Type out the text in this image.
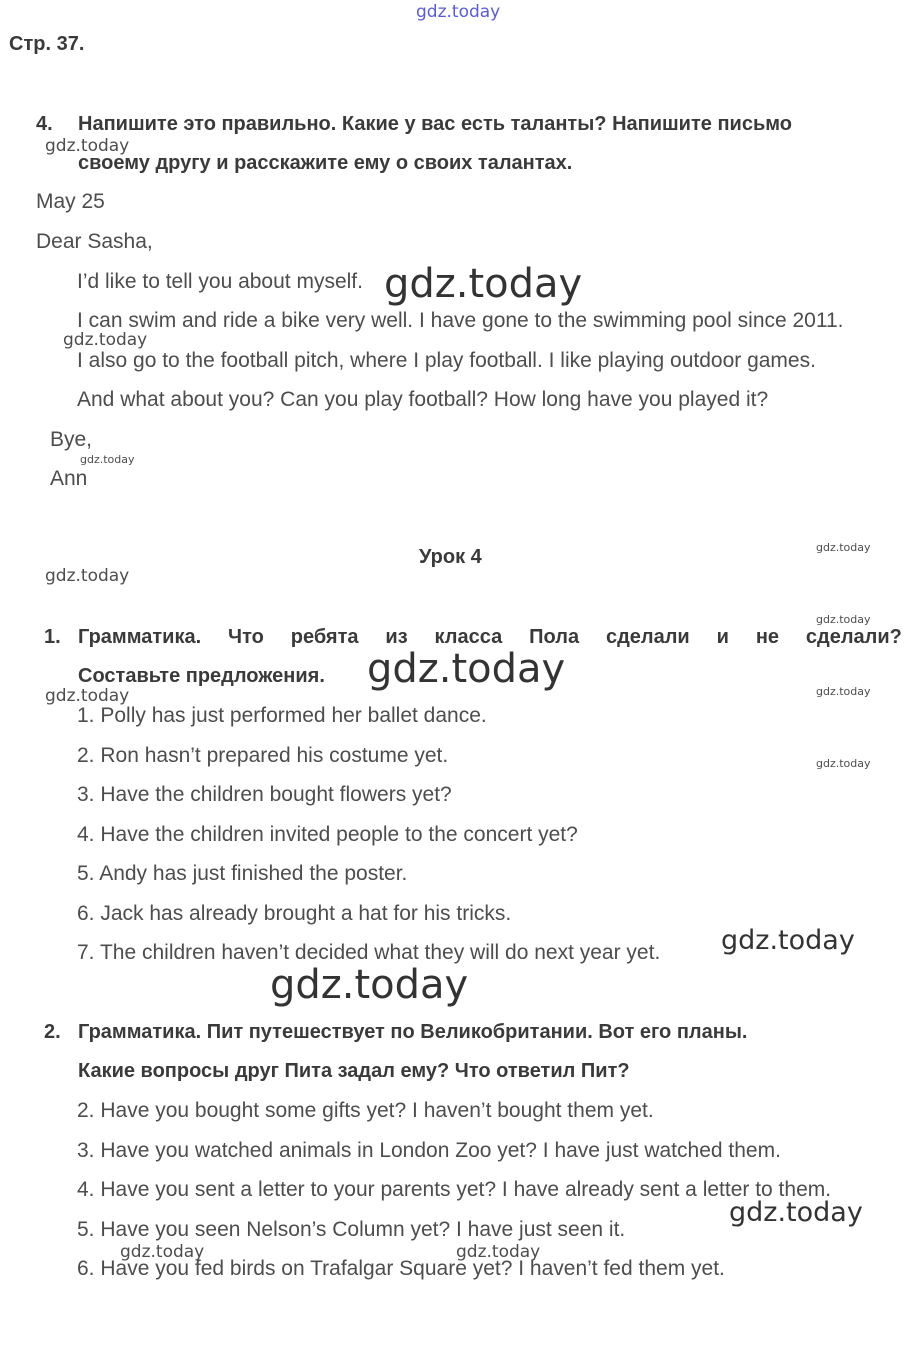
gdz.today
Стр. 37.
4. Напишите это правильно. Какие у вас есть таланты? Напишите письмо
своему другу и расскажите ему о своих талантах.
May 25
Dear Sasha,
I’d like to tell you about myself.
I can swim and ride a bike very well. I have gone to the swimming pool since 2011.
I also go to the football pitch, where I play football. I like playing outdoor games.
And what about you? Can you play football? How long have you played it?
Bye,
Ann
Урок 4
1. Грамматика. Что ребята из класса Пола сделали и не сделали?
Составьте предложения.
1. Polly has just performed her ballet dance.
2. Ron hasn’t prepared his costume yet.
3. Have the children bought flowers yet?
4. Have the children invited people to the concert yet?
5. Andy has just finished the poster.
6. Jack has already brought a hat for his tricks.
7. The children haven’t decided what they will do next year yet.
2. Грамматика. Пит путешествует по Великобритании. Вот его планы.
Какие вопросы друг Пита задал ему? Что ответил Пит?
2. Have you bought some gifts yet? I haven’t bought them yet.
3. Have you watched animals in London Zoo yet? I have just watched them.
4. Have you sent a letter to your parents yet? I have already sent a letter to them.
5. Have you seen Nelson’s Column yet? I have just seen it.
6. Have you fed birds on Trafalgar Square yet? I haven’t fed them yet.
gdz.today
gdz.today
gdz.today
gdz.today
gdz.today
gdz.today
gdz.today
gdz.today	gdz.today
gdz.today
gdz.today
gdz.today
gdz.today
gdz.today
gdz.today	gdz.today
